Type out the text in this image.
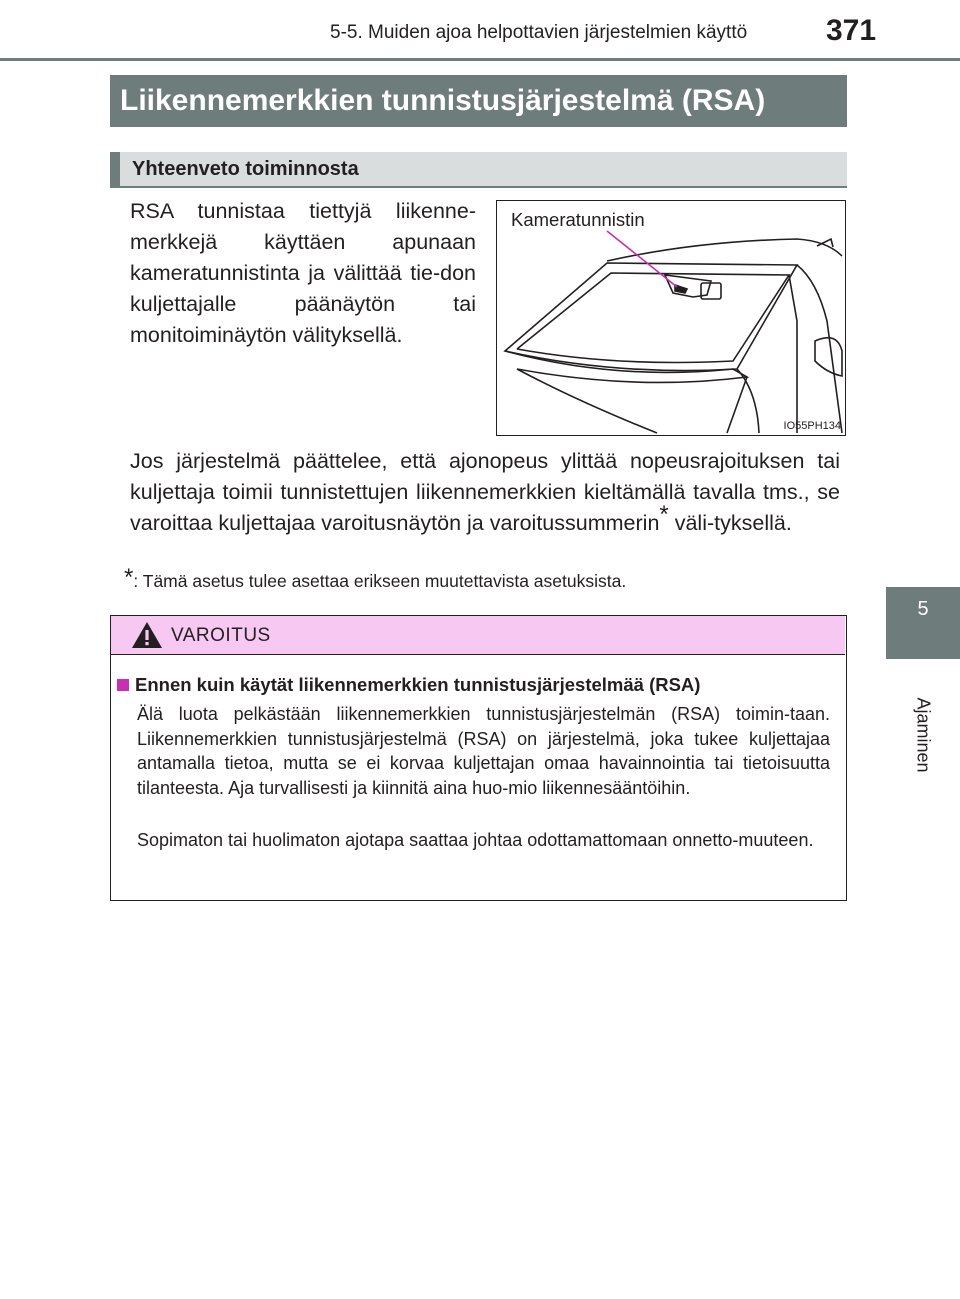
5-5. Muiden ajoa helpottavien järjestelmien käyttö	371
5
Ajaminen
Liikennemerkkien tunnistusjärjestelmä (RSA)
Yhteenveto toiminnosta
RSA tunnistaa tiettyjä liikenne-merkkejä käyttäen apunaan kameratunnistinta ja välittää tie-don kuljettajalle päänäytön tai monitoiminäytön välityksellä.
Kameratunnistin
IO55PH134
Jos järjestelmä päättelee, että ajonopeus ylittää nopeusrajoituksen tai kuljettaja toimii tunnistettujen liikennemerkkien kieltämällä tavalla tms., se varoittaa kuljettajaa varoitusnäytön ja varoitussummerin* väli-tyksellä.
*: Tämä asetus tulee asettaa erikseen muutettavista asetuksista.
VAROITUS
Ennen kuin käytät liikennemerkkien tunnistusjärjestelmää (RSA)
Älä luota pelkästään liikennemerkkien tunnistusjärjestelmän (RSA) toimin-taan. Liikennemerkkien tunnistusjärjestelmä (RSA) on järjestelmä, joka tukee kuljettajaa antamalla tietoa, mutta se ei korvaa kuljettajan omaa havainnointia tai tietoisuutta tilanteesta. Aja turvallisesti ja kiinnitä aina huo-mio liikennesääntöihin.
Sopimaton tai huolimaton ajotapa saattaa johtaa odottamattomaan onnetto-muuteen.
